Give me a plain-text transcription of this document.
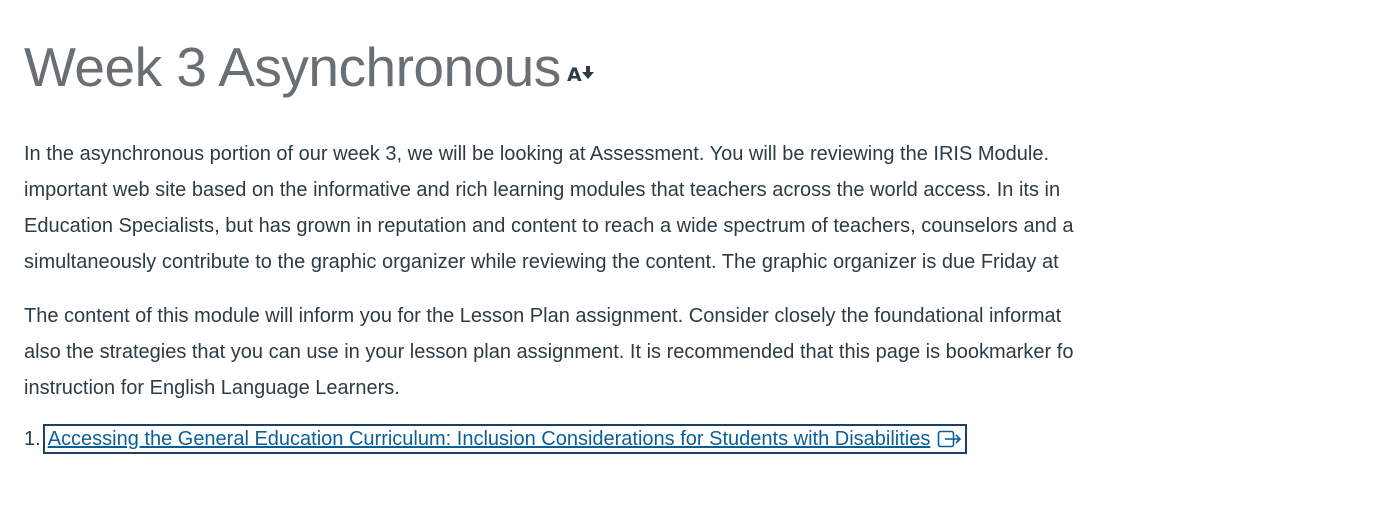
Week 3 Asynchronous A

In the asynchronous portion of our week 3, we will be looking at Assessment. You will be reviewing the IRIS Module.

important web site based on the informative and rich learning modules that teachers across the world access. In its in

Education Specialists, but has grown in reputation and content to reach a wide spectrum of teachers, counselors and a

simultaneously contribute to the graphic organizer while reviewing the content. The graphic organizer is due Friday at

The content of this module will inform you for the Lesson Plan assignment. Consider closely the foundational informat

also the strategies that you can use in your lesson plan assignment. It is recommended that this page is bookmarker fo

instruction for English Language Learners.

1. Accessing the General Education Curriculum: Inclusion Considerations for Students with Disabilities
